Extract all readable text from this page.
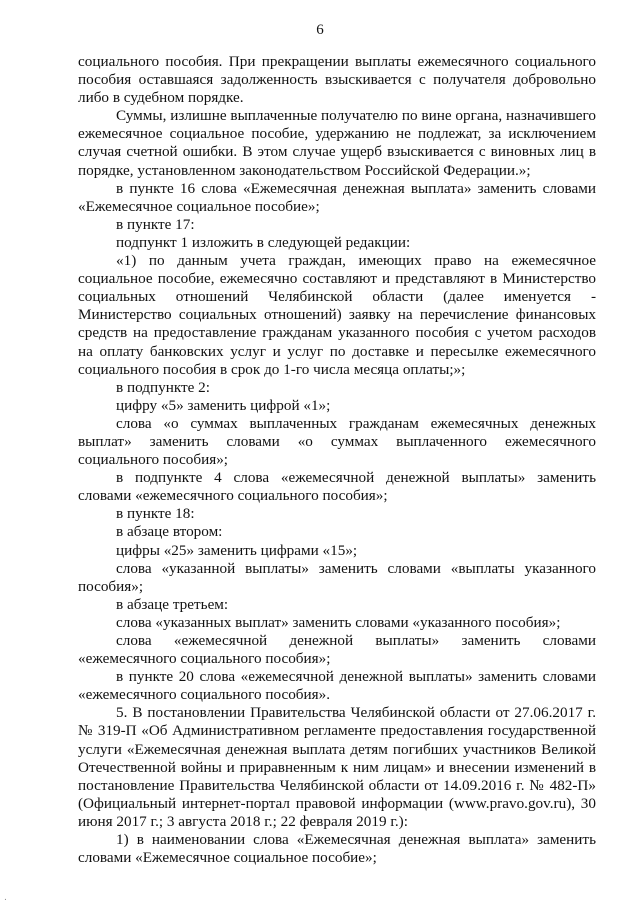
6

социального пособия. При прекращении выплаты ежемесячного социального пособия оставшаяся задолженность взыскивается с получателя добровольно либо в судебном порядке.

Суммы, излишне выплаченные получателю по вине органа, назначившего ежемесячное социальное пособие, удержанию не подлежат, за исключением случая счетной ошибки. В этом случае ущерб взыскивается с виновных лиц в порядке, установленном законодательством Российской Федерации.»;

в пункте 16 слова «Ежемесячная денежная выплата» заменить словами «Ежемесячное социальное пособие»;

в пункте 17:

подпункт 1 изложить в следующей редакции:

«1) по данным учета граждан, имеющих право на ежемесячное социальное пособие, ежемесячно составляют и представляют в Министерство социальных отношений Челябинской области (далее именуется - Министерство социальных отношений) заявку на перечисление финансовых средств на предоставление гражданам указанного пособия с учетом расходов на оплату банковских услуг и услуг по доставке и пересылке ежемесячного социального пособия в срок до 1-го числа месяца оплаты;»;

в подпункте 2:

цифру «5» заменить цифрой «1»;

слова «о суммах выплаченных гражданам ежемесячных денежных выплат» заменить словами «о суммах выплаченного ежемесячного социального пособия»;

в подпункте 4 слова «ежемесячной денежной выплаты» заменить словами «ежемесячного социального пособия»;

в пункте 18:

в абзаце втором:

цифры «25» заменить цифрами «15»;

слова «указанной выплаты» заменить словами «выплаты указанного пособия»;

в абзаце третьем:

слова «указанных выплат» заменить словами «указанного пособия»;

слова «ежемесячной денежной выплаты» заменить словами «ежемесячного социального пособия»;

в пункте 20 слова «ежемесячной денежной выплаты» заменить словами «ежемесячного социального пособия».

5. В постановлении Правительства Челябинской области от 27.06.2017 г. № 319-П «Об Административном регламенте предоставления государственной услуги «Ежемесячная денежная выплата детям погибших участников Великой Отечественной войны и приравненным к ним лицам» и внесении изменений в постановление Правительства Челябинской области от 14.09.2016 г. № 482-П» (Официальный интернет-портал правовой информации (www.pravo.gov.ru), 30 июня 2017 г.; 3 августа 2018 г.; 22 февраля 2019 г.):

1) в наименовании слова «Ежемесячная денежная выплата» заменить словами «Ежемесячное социальное пособие»;

.
